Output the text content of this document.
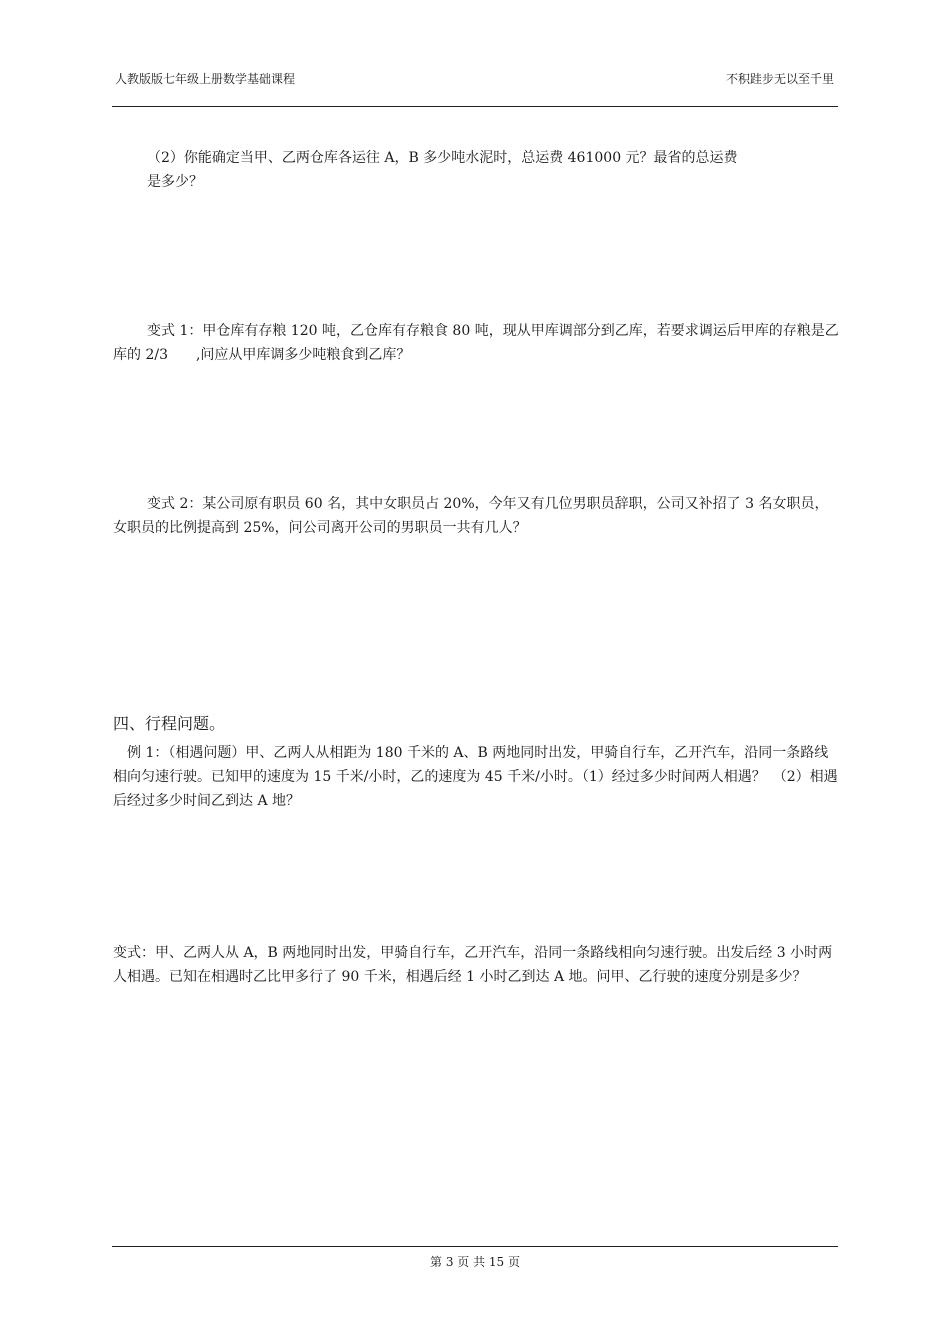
人教版版七年级上册数学基础课程	不积跬步无以至千里

（2）你能确定当甲、乙两仓库各运往 A，B 多少吨水泥时，总运费 461000 元？最省的总运费
是多少？

变式 1：甲仓库有存粮 120 吨，乙仓库有存粮食 80 吨，现从甲库调部分到乙库，若要求调运后甲库的存粮是乙库的 2/3　　,问应从甲库调多少吨粮食到乙库？

变式 2：某公司原有职员 60 名，其中女职员占 20%，今年又有几位男职员辞职，公司又补招了 3 名女职员，女职员的比例提高到 25%，问公司离开公司的男职员一共有几人？

四、行程问题。

例 1：（相遇问题）甲、乙两人从相距为 180 千米的 A、B 两地同时出发，甲骑自行车，乙开汽车，沿同一条路线相向匀速行驶。已知甲的速度为 15 千米/小时，乙的速度为 45 千米/小时。（1）经过多少时间两人相遇？　（2）相遇后经过多少时间乙到达 A 地？

变式：甲、乙两人从 A，B 两地同时出发，甲骑自行车，乙开汽车，沿同一条路线相向匀速行驶。出发后经 3 小时两人相遇。已知在相遇时乙比甲多行了 90 千米，相遇后经 1 小时乙到达 A 地。问甲、乙行驶的速度分别是多少？

第 3 页 共 15 页
